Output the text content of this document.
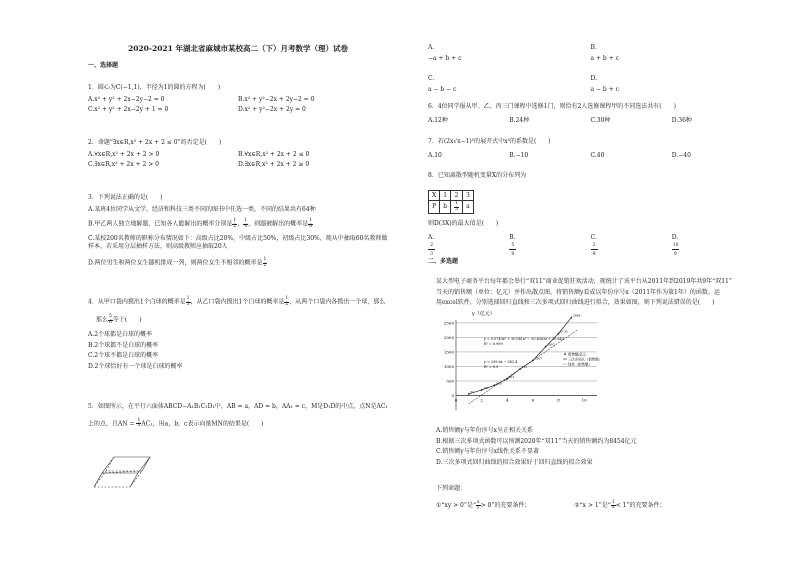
2020-2021 年湖北省麻城市某校高二（下）月考数学（理）试卷
一、选择题
1．圆心为C(−1,1)，半径为1的圆的方程为(　　)
A.x² + y² + 2x−2y−2 = 0	B.x² + y²−2x + 2y−2 = 0
C.x² + y² + 2x−2y + 1 = 0	D.x² + y²−2x + 2y = 0
2．命题“∃x∈R,x² + 2x + 2 ≤ 0”的否定是(　　)
A.∀x∈R,x² + 2x + 2 > 0	B.∀x∈R,x² + 2x + 2 ≤ 0
C.∃x∈R,x² + 2x + 2 > 0	D.∃x∈R,x² + 2x + 2 ≥ 0
3．下列说法正确的是(　　)
A.某班4位同学从文学、经济和科技三类不同的图书中任选一类，不同的结果共有64种
B.甲乙两人独立地解题，已知各人能解出的概率分别是 $\frac{1}{2}$ ， $\frac{1}{4}$ ，则题被解出的概率是 $\frac{1}{8}$
C.某校200名教师的职称分布情况如下：高级占比20%，中级占比50%，初级占比30%，现从中抽取60名教师做样本，若采用分层抽样方法，则高级教师应抽取20人
D.两位男生和两位女生随机排成一列，则两位女生不相邻的概率是 $\frac{1}{2}$
4．从甲口袋内摸出1个白球的概率是 $\frac{1}{3}$ ，从乙口袋内摸出1个白球的概率是 $\frac{1}{2}$ ，从两个口袋内各摸出一个球，那么
那么 $\frac{5}{6}$ 等于(　　)
A.2个球都是白球的概率
B.2个球都不是白球的概率
C.2个球不都是白球的概率
D.2个球恰好有一个球是白球的概率
5．如图所示，在平行六面体ABCD−A₁B₁C₁D₁中，AB = a，AD = b，AA₁ = c，M是D₁D的中点，点N是AC₁
上的点，且AN = $\frac{1}{3} AC_1$，用a，b，c表示向量MN的结果是(　　)
A.
−a + b + c
B.
a + b + c
C.
a − b − c
D.
a − b + c
6．4位同学报从甲、乙、丙三门课程中选修1门，则恰有2人选修课程甲的不同选法共有(　　)
A.12种	B.24种	C.30种	D.36种
7．若(2x√x−1)⁵的展开式中x³的系数是(　　)
A.10	B.−10	C.40	D.−40
8．已知离散型随机变量X的分布列为
X	1	2	3
P	b	$\frac{1}{3}$	a
则D(3X)的最大值是(　　)
A.
2
3
B.
5
9
C.
2
9
D.
10
9
二、多选题
某大型电子商务平台每年都会举行“双11”商业促销狂欢活动，现统计了该平台从2011年到2019年共9年“双11”
当天的销售额（单位：亿元）并作出散点图，将销售额y看成以年份序号x（2011年作为第1年）的函数。运
用excel软件，分别选择回归直线和三次多项式回归曲线进行拟合，效果如图，则下列说法错误的是(　　)
y（亿元）
2500
2000
1500
1000
500
0
0	2	4	6	8	10
52
191
350
571
912
1207
1682
2135
2684
y = 0.0743x³ + 30.041x² − 30.4363x + 20.643
R² = 0.999
y = 299.6x − 583.4
R² = 0.9
销售额/亿元
三次多项式（销售额）
线性（销售额）
A.销售额y与年份序号x呈正相关关系
B.根据三次多项式函数可以预测2020年“双11”当天的销售额约为8454亿元
C.销售额y与年份序号x线性关系不显著
D.三次多项式回归曲线的拟合效果好于回归直线的拟合效果
下列命题：
①“xy > 0”是“ $\frac{x}{y} > 0$”的充要条件；	②“x > 1”是“ $\frac{1}{x} < 1$”的充要条件；
